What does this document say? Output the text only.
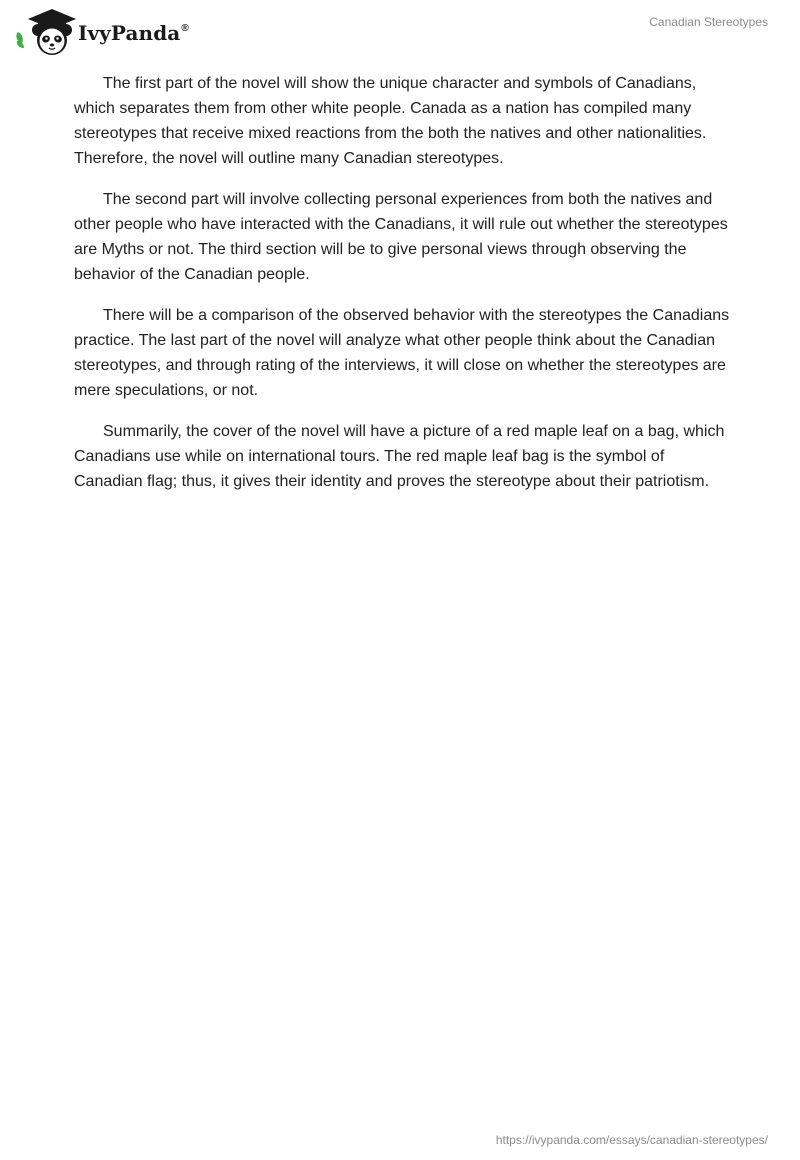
IvyPanda®	Canadian Stereotypes

The first part of the novel will show the unique character and symbols of Canadians, which separates them from other white people. Canada as a nation has compiled many stereotypes that receive mixed reactions from the both the natives and other nationalities. Therefore, the novel will outline many Canadian stereotypes.

The second part will involve collecting personal experiences from both the natives and other people who have interacted with the Canadians, it will rule out whether the stereotypes are Myths or not. The third section will be to give personal views through observing the behavior of the Canadian people.

There will be a comparison of the observed behavior with the stereotypes the Canadians practice. The last part of the novel will analyze what other people think about the Canadian stereotypes, and through rating of the interviews, it will close on whether the stereotypes are mere speculations, or not.

Summarily, the cover of the novel will have a picture of a red maple leaf on a bag, which Canadians use while on international tours. The red maple leaf bag is the symbol of Canadian flag; thus, it gives their identity and proves the stereotype about their patriotism.

https://ivypanda.com/essays/canadian-stereotypes/
